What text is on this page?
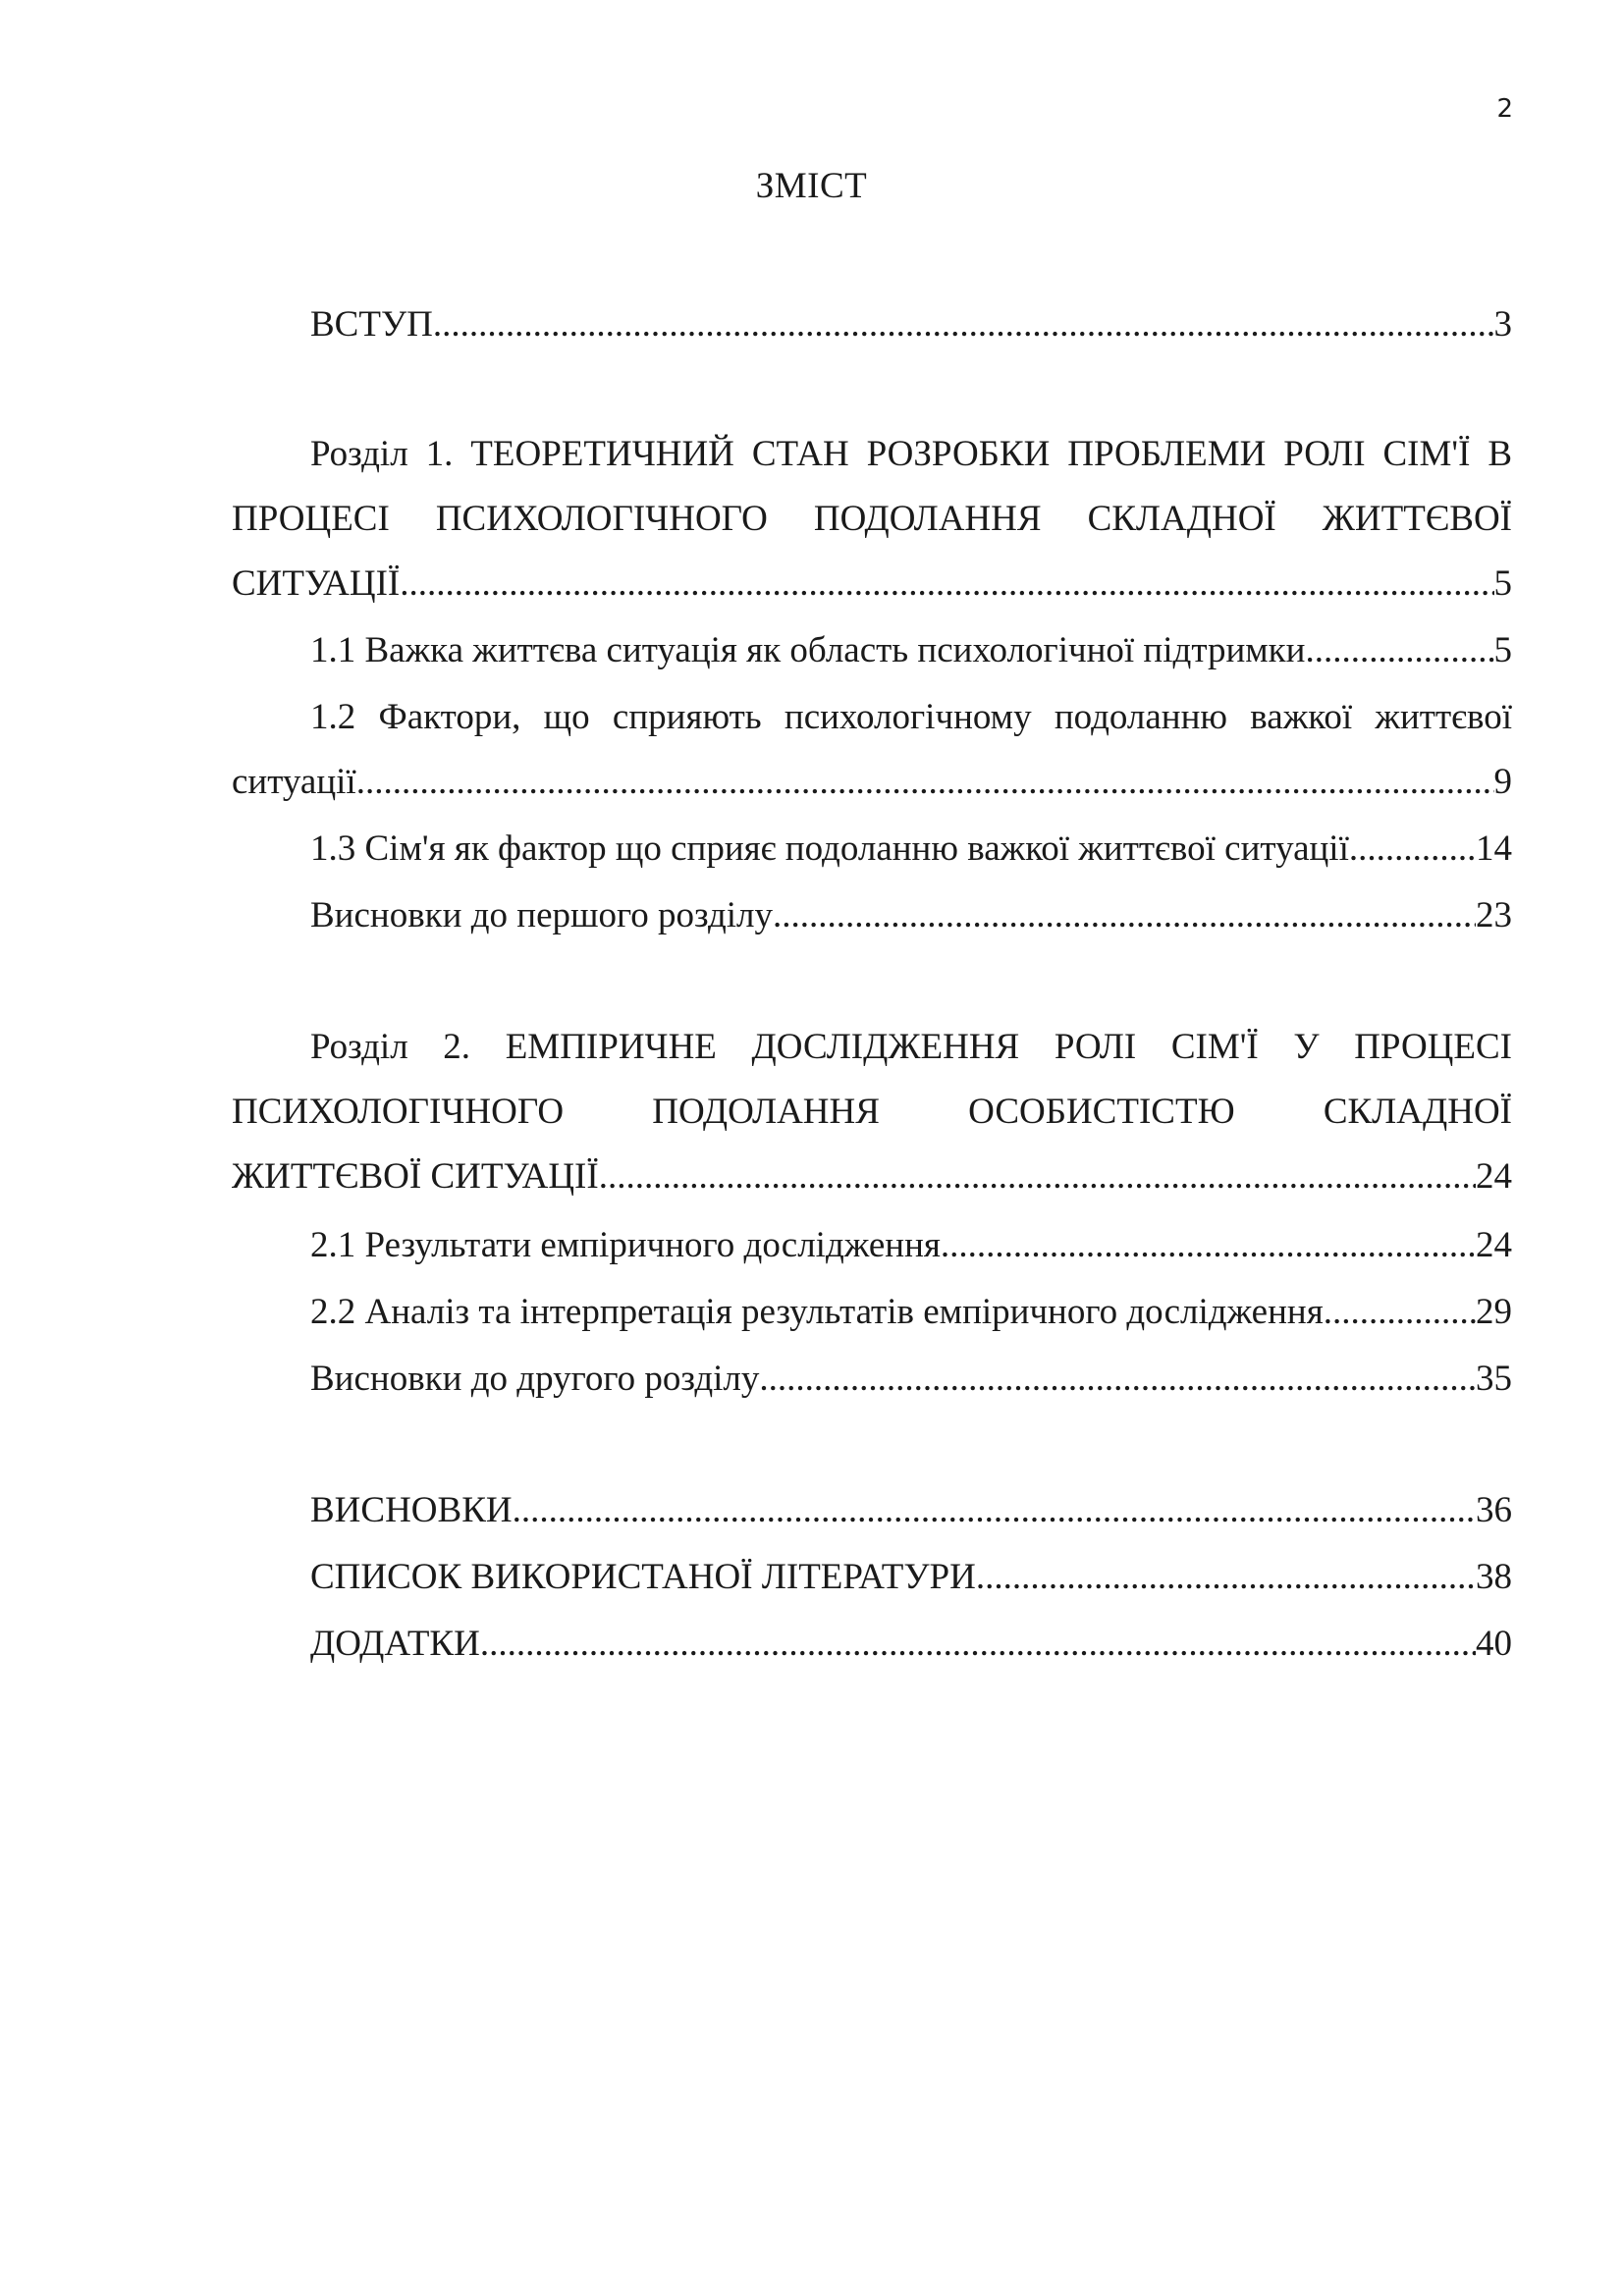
2
ЗМІСТ
ВСТУП .....	3
Розділ 1. ТЕОРЕТИЧНИЙ СТАН РОЗРОБКИ ПРОБЛЕМИ РОЛІ СІМ'Ї В
ПРОЦЕСІ ПСИХОЛОГІЧНОГО ПОДОЛАННЯ СКЛАДНОЇ ЖИТТЄВОЇ
СИТУАЦІЇ .....	5
1.1 Важка життєва ситуація як область психологічної підтримки .....	5
1.2 Фактори, що сприяють психологічному подоланню важкої життєвої
ситуації .....	9
1.3 Сім'я як фактор що сприяє подоланню важкої життєвої ситуації .....	14
Висновки до першого розділу .....	23
Розділ 2. ЕМПІРИЧНЕ ДОСЛІДЖЕННЯ РОЛІ СІМ'Ї У ПРОЦЕСІ
ПСИХОЛОГІЧНОГО ПОДОЛАННЯ ОСОБИСТІСТЮ СКЛАДНОЇ
ЖИТТЄВОЇ СИТУАЦІЇ .....	24
2.1 Результати емпіричного дослідження .....	24
2.2 Аналіз та інтерпретація результатів емпіричного дослідження .....	29
Висновки до другого розділу .....	35
ВИСНОВКИ .....	36
СПИСОК ВИКОРИСТАНОЇ ЛІТЕРАТУРИ .....	38
ДОДАТКИ .....	40
